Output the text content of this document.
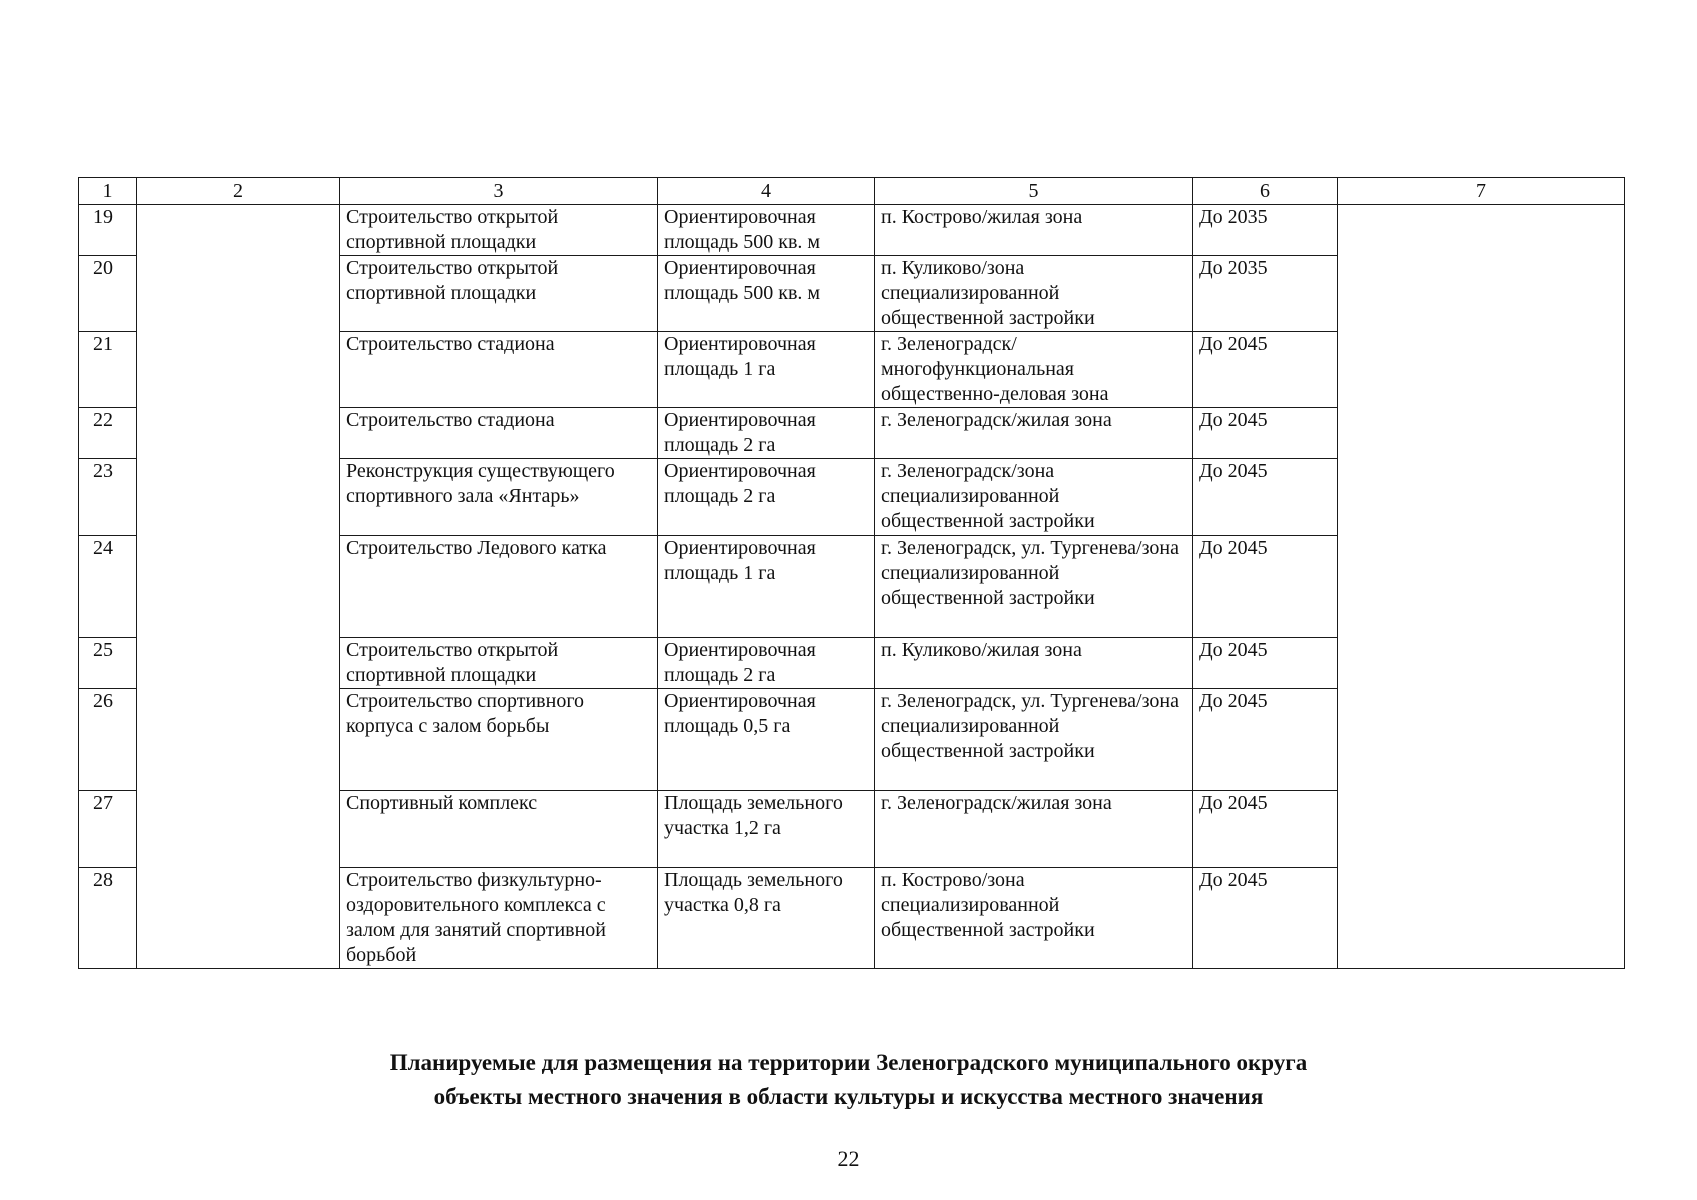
1	2	3	4	5	6	7
19		Строительство открытой спортивной площадки	Ориентировочная площадь 500 кв. м	п. Кострово/жилая зона	До 2035	
20		Строительство открытой спортивной площадки	Ориентировочная площадь 500 кв. м	п. Куликово/зона специализированной общественной застройки	До 2035	
21		Строительство стадиона	Ориентировочная площадь 1 га	г. Зеленоградск/ многофункциональная общественно-деловая зона	До 2045	
22		Строительство стадиона	Ориентировочная площадь 2 га	г. Зеленоградск/жилая зона	До 2045	
23		Реконструкция существующего спортивного зала «Янтарь»	Ориентировочная площадь 2 га	г. Зеленоградск/зона специализированной общественной застройки	До 2045	
24		Строительство Ледового катка	Ориентировочная площадь 1 га	г. Зеленоградск, ул. Тургенева/зона специализированной общественной застройки	До 2045	
25		Строительство открытой спортивной площадки	Ориентировочная площадь 2 га	п. Куликово/жилая зона	До 2045	
26		Строительство спортивного корпуса с залом борьбы	Ориентировочная площадь 0,5 га	г. Зеленоградск, ул. Тургенева/зона специализированной общественной застройки	До 2045	
27		Спортивный комплекс	Площадь земельного участка 1,2 га	г. Зеленоградск/жилая зона	До 2045	
28		Строительство физкультурно-оздоровительного комплекса с залом для занятий спортивной борьбой	Площадь земельного участка 0,8 га	п. Кострово/зона специализированной общественной застройки	До 2045	
Планируемые для размещения на территории Зеленоградского муниципального округа
объекты местного значения в области культуры и искусства местного значения
22
